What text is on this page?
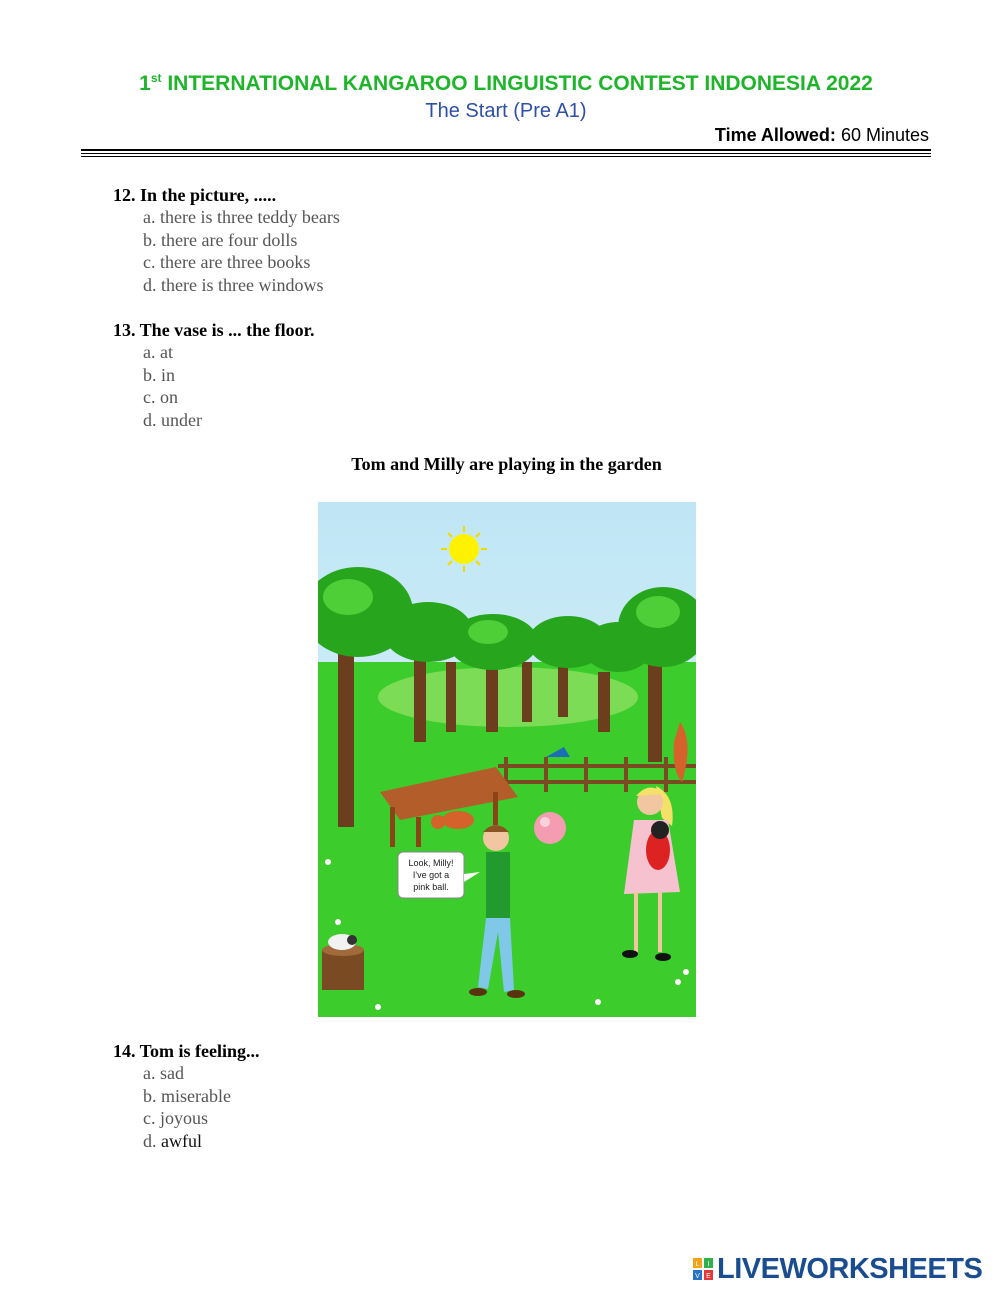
1st INTERNATIONAL KANGAROO LINGUISTIC CONTEST INDONESIA 2022
The Start (Pre A1)
Time Allowed: 60 Minutes
12. In the picture, .....
a. there is three teddy bears
b. there are four dolls
c. there are three books
d. there is three windows
13. The vase is ... the floor.
a. at
b. in
c. on
d. under
Tom and Milly are playing in the garden
Look, Milly!
I've got a
pink ball.
14. Tom is feeling...
a. sad
b. miserable
c. joyous
d. awful
L I
V E LIVEWORKSHEETS
